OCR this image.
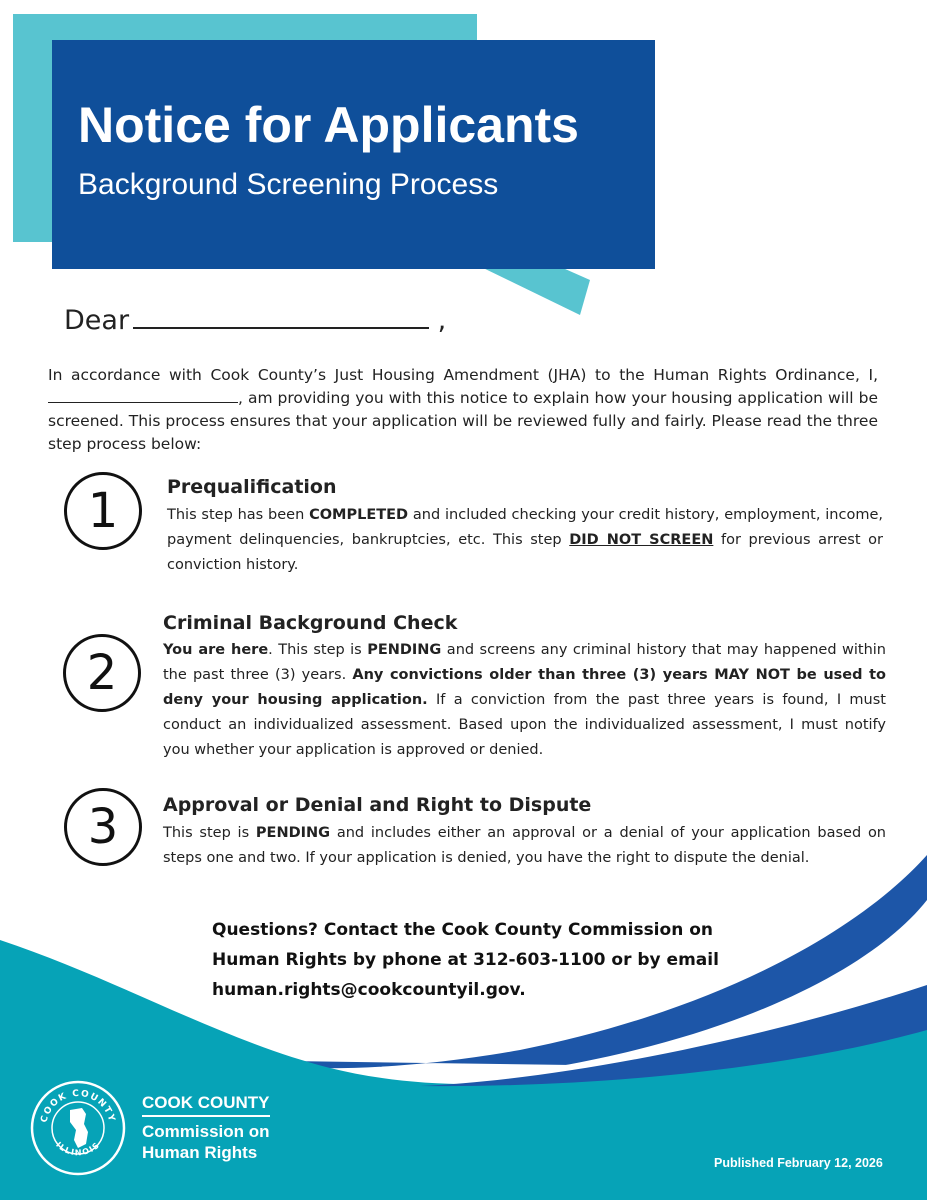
Notice for Applicants
Background Screening Process
Dear	,
In accordance with Cook County’s Just Housing Amendment (JHA) to the Human Rights Ordinance, I,, am providing you with this notice to explain how your housing application will be screened. This process ensures that your application will be reviewed fully and fairly. Please read the three step process below:
1	Prequalification
This step has been COMPLETED and included checking your credit history, employment, income, payment delinquencies, bankruptcies, etc. This step DID NOT SCREEN for previous arrest or conviction history.
2
Criminal Background Check
You are here. This step is PENDING and screens any criminal history that may happened within the past three (3) years. Any convictions older than three (3) years MAY NOT be used to deny your housing application. If a conviction from the past three years is found, I must conduct an individualized assessment. Based upon the individualized assessment, I must notify you whether your application is approved or denied.
3	Approval or Denial and Right to Dispute
This step is PENDING and includes either an approval or a denial of your application based on steps one and two. If your application is denied, you have the right to dispute the denial.
Questions? Contact the Cook County Commission on Human Rights by phone at 312-603-1100 or by email human.rights@cookcountyil.gov.
COOK COUNTY
ILLINOIS
COOK COUNTY
Commission on Human Rights
Published February 12, 2026
